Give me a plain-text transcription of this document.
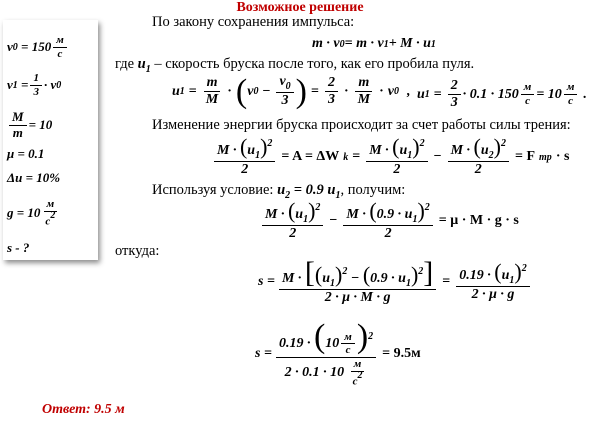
Возможное решение
v 0
= $150 \frac{м}{с}$
v 1
= $\frac{1}{3} \cdot v$ 0
$\frac{M}{m} = 10$
μ = 0.1
Δu = 10%
$g = 10 \frac{м}{с2}$
s - ?
По закону сохранения импульса:
m · v 0 = m · v 1 + M · u 1
где $u_1$ – скорость бруска после того, как его пробила пуля.
u $1 = \frac{m}{M}$ · ( v $0 - \frac{v_0}{3}$ ) = $\frac{2}{3} \cdot \frac{m}{M} \cdot v$ 0 , u $1 = \frac{2}{3} \cdot 0.1 \cdot 150 \frac{м}{с} = 10 \frac{м}{с}$ .
Изменение энергии бруска происходит за счет работы силы трения:
$\frac{M \cdot (u_1)^2}{2} = A = \Delta W$ $k = \frac{M \cdot (u_1)^2}{2} - \frac{M \cdot (u_2)^2}{2} = F$ тр · s
Используя условие: $u_2 = 0.9$ $u_1$, получим:
$\frac{M \cdot (u_1)^2}{2} - \frac{M \cdot (0.9 \cdot u_1)^2}{2} = \mu \cdot M \cdot g \cdot s$
откуда:
$s = \frac{M \cdot [(u_1)^2 - (0.9 \cdot u_1)^2]}{2 \cdot \mu \cdot M \cdot g} = \frac{0.19 \cdot (u_1)^2}{2 \cdot \mu \cdot g}$
$s = \frac{0.19 \cdot (10 \frac{м}{с} )^2}{2 \cdot 0.1 \cdot 10 \frac{м}{с2}} = 9.5м$
Ответ: 9.5 м
